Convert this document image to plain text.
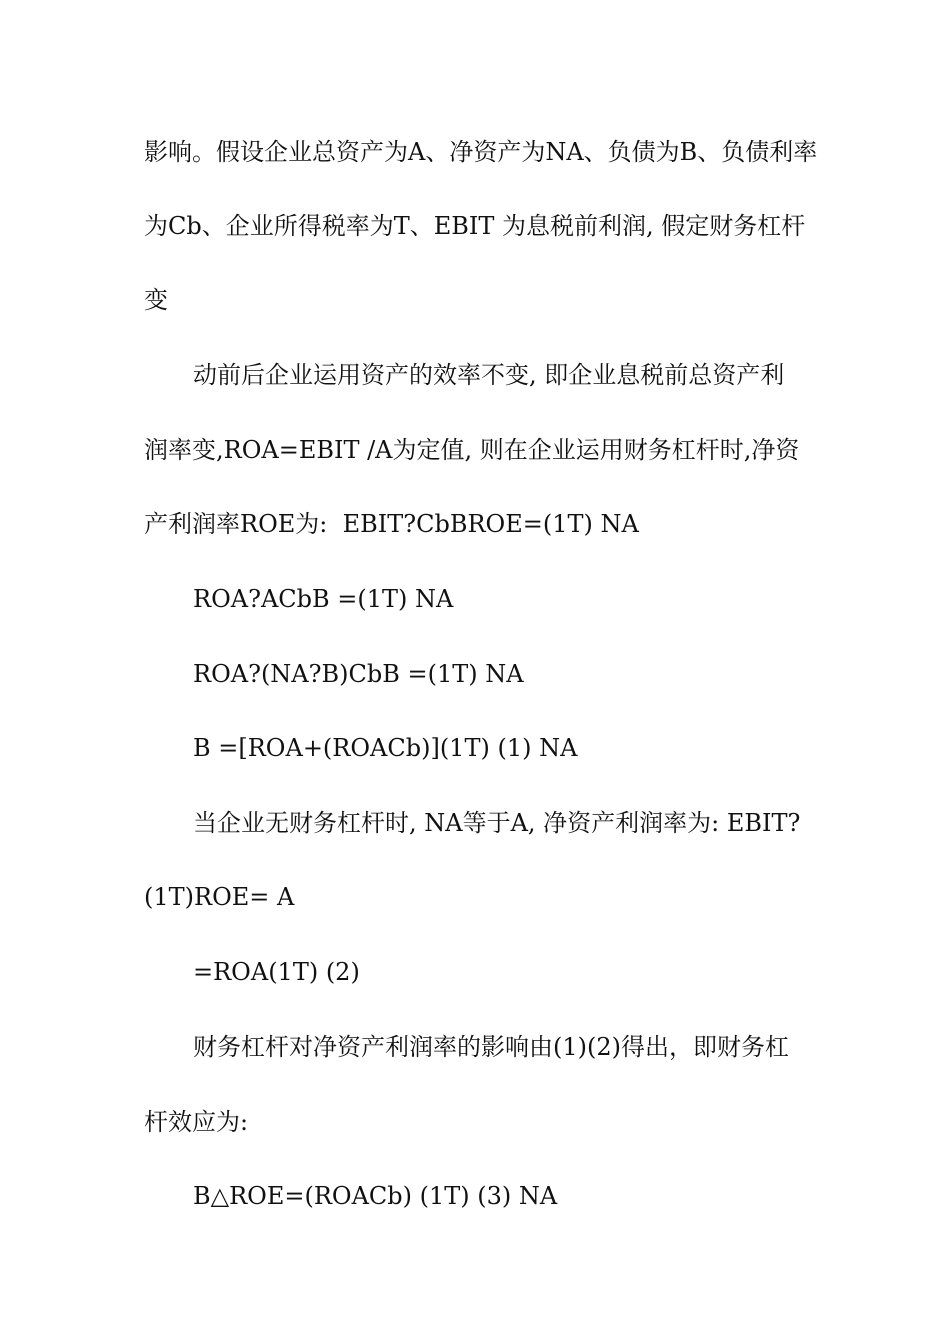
影响。假设企业总资产为A、净资产为NA、负债为B、负债利率
为Cb、企业所得税率为T、EBIT 为息税前利润, 假定财务杠杆
变
动前后企业运用资产的效率不变, 即企业息税前总资产利
润率变,ROA=EBIT /A为定值, 则在企业运用财务杠杆时,净资
产利润率ROE为:  EBIT?CbBROE=(1T) NA
ROA?ACbB =(1T) NA
ROA?(NA?B)CbB =(1T) NA
B =[ROA+(ROACb)](1T) (1) NA
当企业无财务杠杆时, NA等于A, 净资产利润率为: EBIT?
(1T)ROE= A
=ROA(1T) (2)
财务杠杆对净资产利润率的影响由(1)(2)得出，即财务杠
杆效应为:
B△ROE=(ROACb) (1T) (3) NA
